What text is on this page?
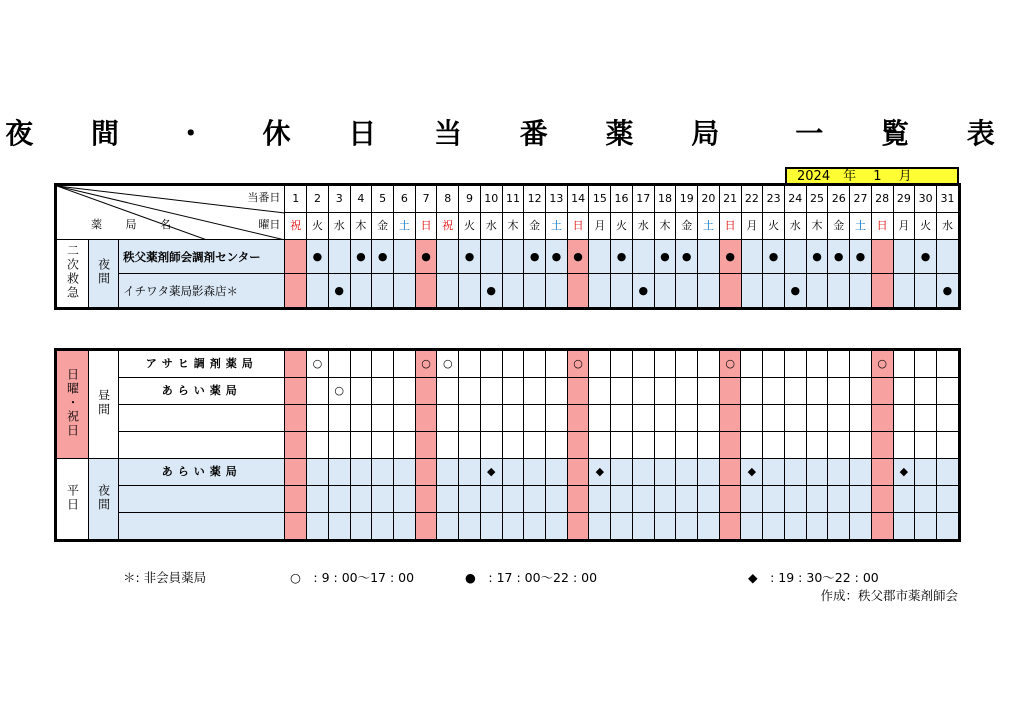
夜 間 ・ 休 日 当 番 薬 局　一 覧 表
2024　年　 1 　月
当番日
曜日
薬 局 名			1	2	3	4	5	6	7	8	9	10	11	12	13	14	15	16	17	18	19	20	21	22	23	24	25	26	27	28	29	30	31
			祝	火	水	木	金	土	日	祝	火	水	木	金	土	日	月	火	水	木	金	土	日	月	火	水	木	金	土	日	月	火	水
二次救急	夜間	秩父薬剤師会調剤センター		●		●	●		●		●			●	●	●		●		●	●		●		●		●	●	●			●	
		イチワタ薬局影森店＊			●							●							●							●							●
日曜・祝日	昼間	アサヒ調剤薬局		○					○	○						○							○							○			
		あらい薬局			○																												

平日	夜間	あらい薬局										◆					◆							◆							◆		

＊: 非会員薬局	○　: 9 : 00～17 : 00	●　: 17 : 00～22 : 00	◆　: 19 : 30～22 : 00
作成：秩父郡市薬剤師会
